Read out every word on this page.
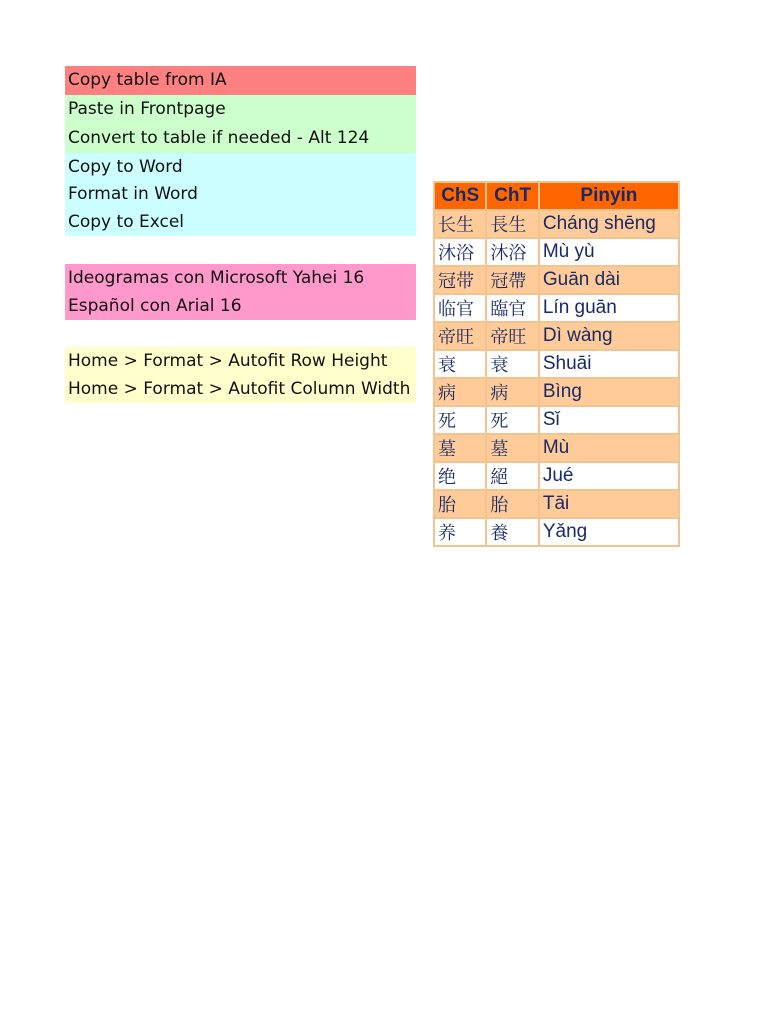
Copy table from IA
Paste in Frontpage
Convert to table if needed - Alt 124
Copy to Word
Format in Word
Copy to Excel
Ideogramas con Microsoft Yahei 16
Español con Arial 16
Home > Format > Autofit Row Height
Home > Format > Autofit Column Width
ChS	ChT	Pinyin
长生	長生	Cháng shēng
沐浴	沐浴	Mù yù
冠带	冠帶	Guān dài
临官	臨官	Lín guān
帝旺	帝旺	Dì wàng
衰	衰	Shuāi
病	病	Bìng
死	死	Sǐ
墓	墓	Mù
绝	絕	Jué
胎	胎	Tāi
养	養	Yǎng
